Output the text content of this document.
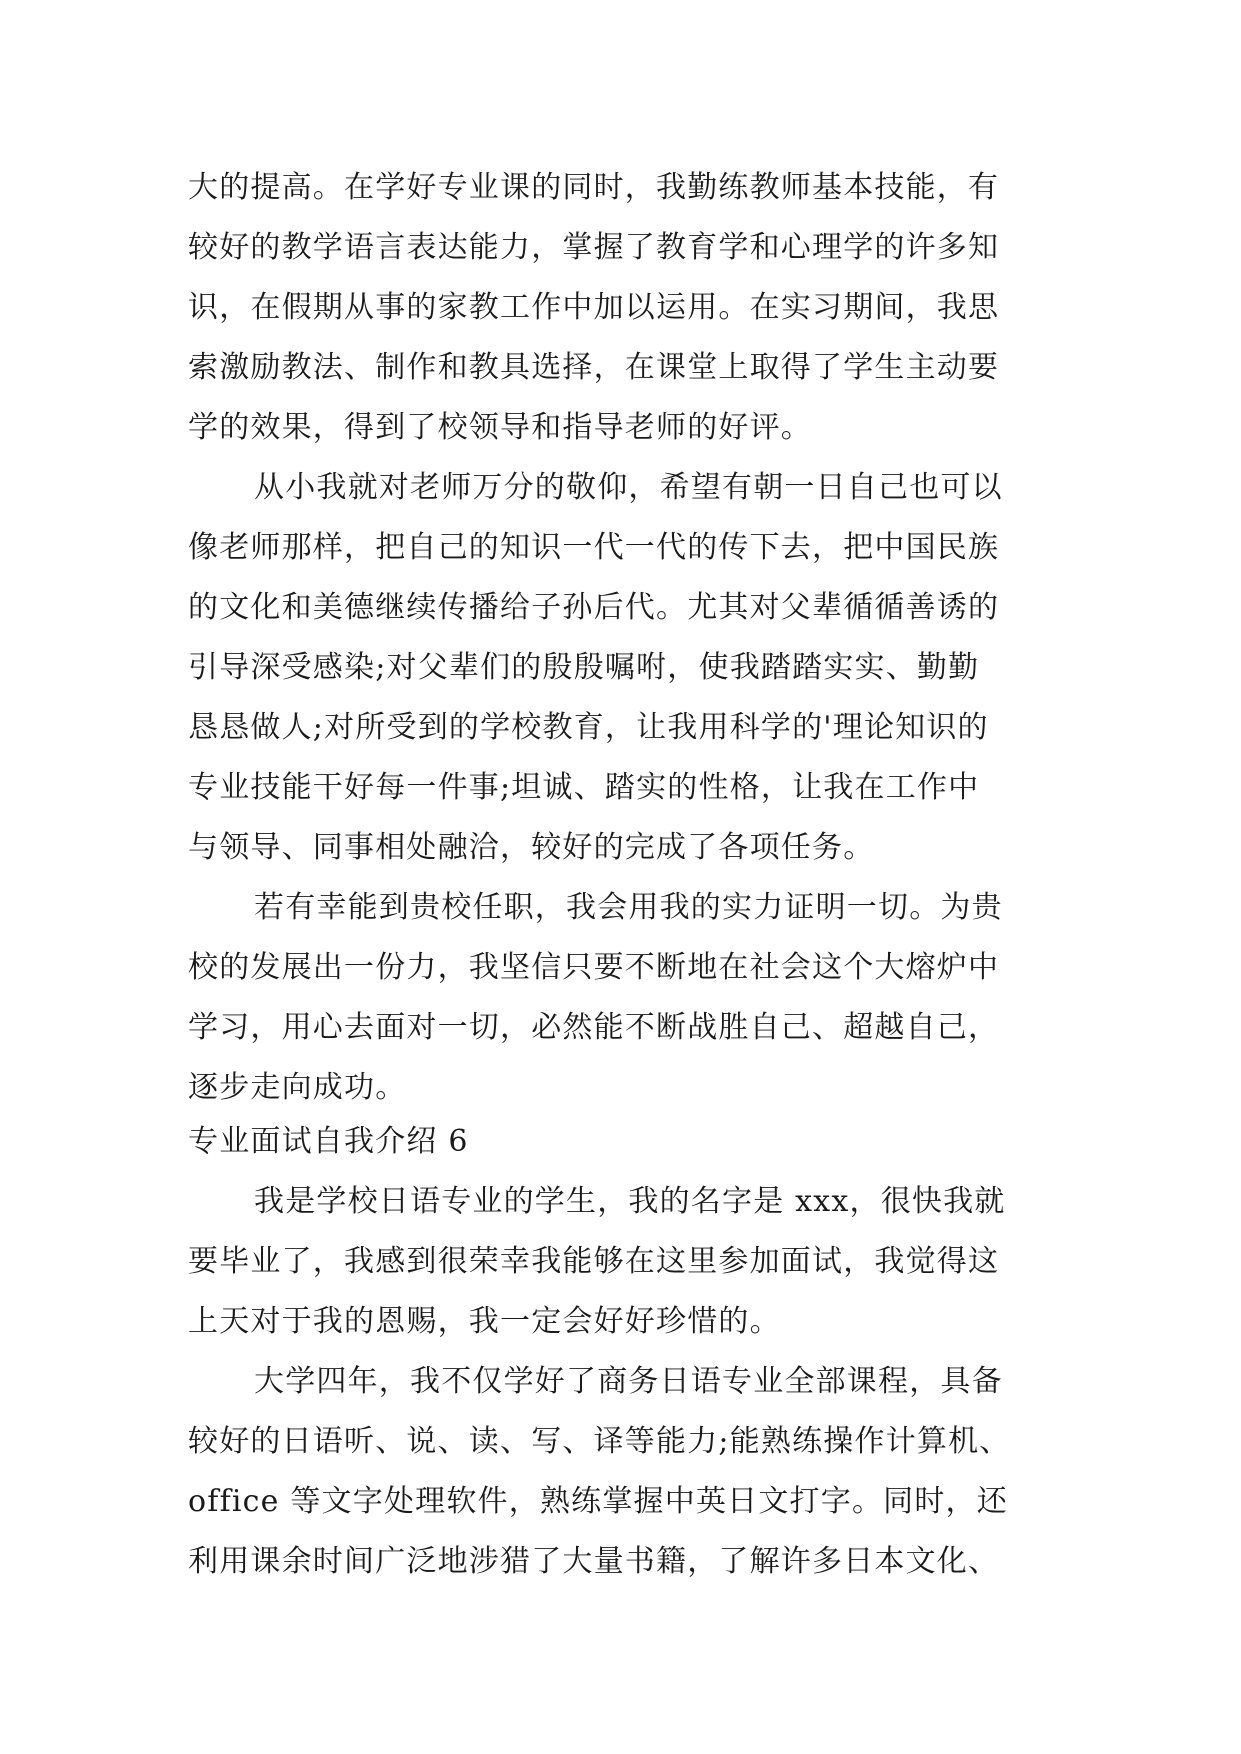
大的提高。在学好专业课的同时，我勤练教师基本技能，有
较好的教学语言表达能力，掌握了教育学和心理学的许多知
识，在假期从事的家教工作中加以运用。在实习期间，我思
索激励教法、制作和教具选择，在课堂上取得了学生主动要
学的效果，得到了校领导和指导老师的好评。
从小我就对老师万分的敬仰，希望有朝一日自己也可以
像老师那样，把自己的知识一代一代的传下去，把中国民族
的文化和美德继续传播给子孙后代。尤其对父辈循循善诱的
引导深受感染;对父辈们的殷殷嘱咐，使我踏踏实实、勤勤
恳恳做人;对所受到的学校教育，让我用科学的'理论知识的
专业技能干好每一件事;坦诚、踏实的性格，让我在工作中
与领导、同事相处融洽，较好的完成了各项任务。
若有幸能到贵校任职，我会用我的实力证明一切。为贵
校的发展出一份力，我坚信只要不断地在社会这个大熔炉中
学习，用心去面对一切，必然能不断战胜自己、超越自己，
逐步走向成功。
专业面试自我介绍 6
我是学校日语专业的学生，我的名字是 xxx，很快我就
要毕业了，我感到很荣幸我能够在这里参加面试，我觉得这
上天对于我的恩赐，我一定会好好珍惜的。
大学四年，我不仅学好了商务日语专业全部课程，具备
较好的日语听、说、读、写、译等能力;能熟练操作计算机、
office 等文字处理软件，熟练掌握中英日文打字。同时，还
利用课余时间广泛地涉猎了大量书籍，了解许多日本文化、
